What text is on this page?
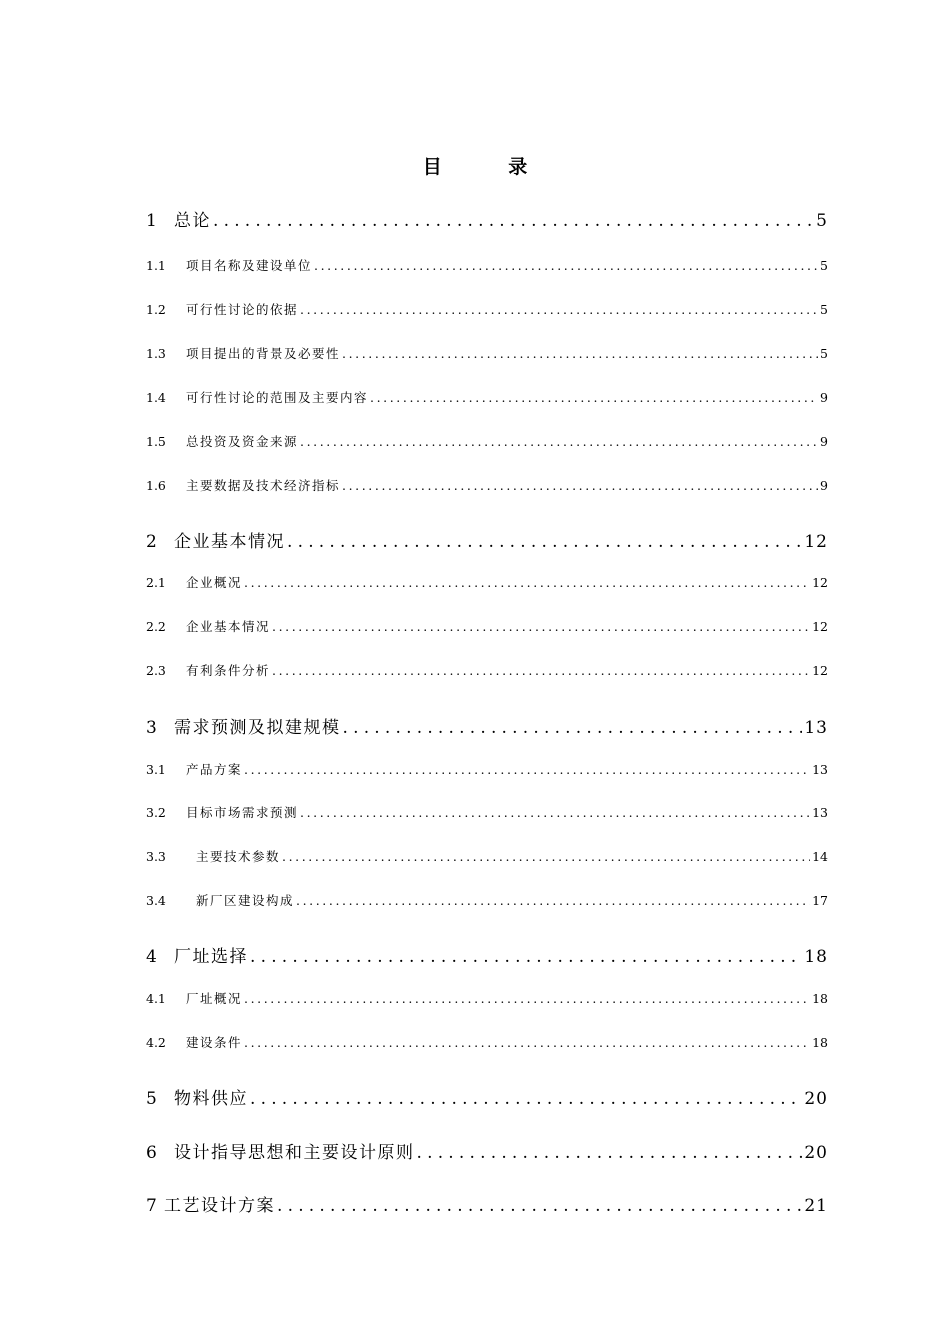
目 录
1	总论 .....	5
1.1	项目名称及建设单位 .....	5
1.2	可行性讨论的依据 .....	5
1.3	项目提出的背景及必要性 .....	5
1.4	可行性讨论的范围及主要内容 .....	9
1.5	总投资及资金来源 .....	9
1.6	主要数据及技术经济指标 .....	9
2	企业基本情况 .....	12
2.1	企业概况 .....	12
2.2	企业基本情况 .....	12
2.3	有利条件分析 .....	12
3	需求预测及拟建规模 .....	13
3.1	产品方案 .....	13
3.2	目标市场需求预测 .....	13
3.3	主要技术参数 .....	14
3.4	新厂区建设构成 .....	17
4	厂址选择 .....	18
4.1	厂址概况 .....	18
4.2	建设条件 .....	18
5	物料供应 .....	20
6	设计指导思想和主要设计原则 .....	20
7 工艺设计方案 .....	21
